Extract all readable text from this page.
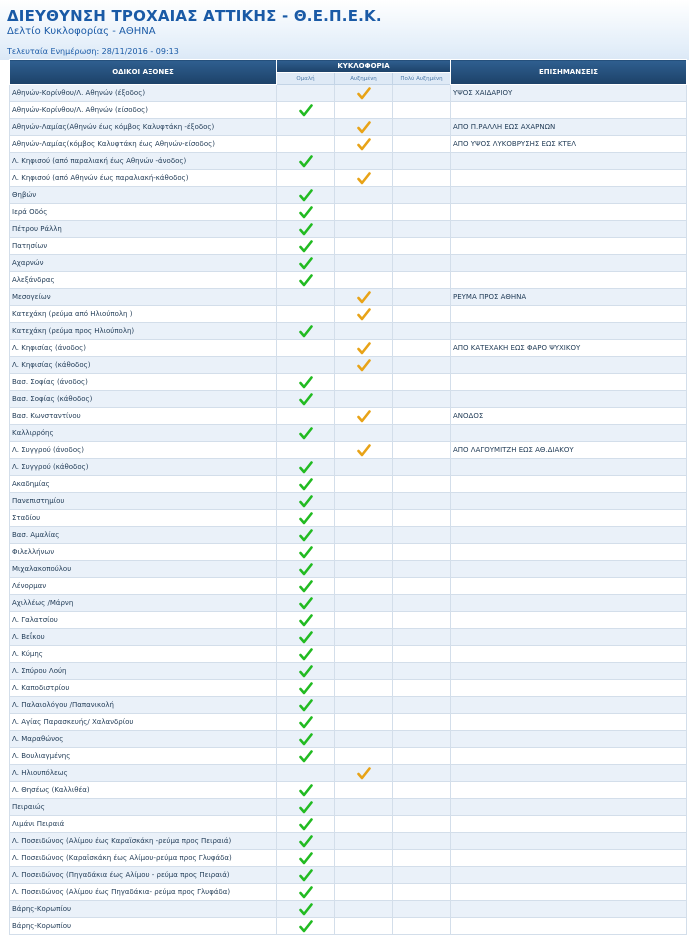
ΔΙΕΥΘΥΝΣΗ ΤΡΟΧΑΙΑΣ ΑΤΤΙΚΗΣ - Θ.Ε.Π.Ε.Κ.
Δελτίο Κυκλοφορίας - ΑΘΗΝΑ
Τελευταία Ενημέρωση: 28/11/2016 - 09:13
ΟΔΙΚΟΙ ΑΞΟΝΕΣ	ΚΥΚΛΟΦΟΡΙΑ			ΕΠΙΣΗΜΑΝΣΕΙΣ
	Ομαλή	Αυξημένη	Πολύ Αυξημένη	
Αθηνών-Κορίνθου/Λ. Αθηνών (έξοδος)				ΥΨΟΣ ΧΑΙΔΑΡΙΟΥ
Αθηνών-Κορίνθου/Λ. Αθηνών (είσοδος)	

Αθηνών-Λαμίας(Αθηνών έως κόμβος Καλυφτάκη -έξοδος)				ΑΠΟ Π.ΡΑΛΛΗ ΕΩΣ ΑΧΑΡΝΩΝ
Αθηνών-Λαμίας(κόμβος Καλυφτάκη έως Αθηνών-είσοδος)				ΑΠΟ ΥΨΟΣ ΛΥΚΟΒΡΥΣΗΣ ΕΩΣ ΚΤΕΛ
Λ. Κηφισού (από παραλιακή έως Αθηνών -άνοδος)	

Λ. Κηφισού (από Αθηνών έως παραλιακή-κάθοδος)		

Θηβών	

Ιερά Οδός	

Πέτρου Ράλλη	

Πατησίων	

Αχαρνών	

Αλεξάνδρας	

Μεσογείων				ΡΕΥΜΑ ΠΡΟΣ ΑΘΗΝΑ
Κατεχάκη (ρεύμα από Ηλιούπολη )		

Κατεχάκη (ρεύμα προς Ηλιούπολη)	

Λ. Κηφισίας (άνοδος)				ΑΠΟ ΚΑΤΕΧΑΚΗ ΕΩΣ ΦΑΡΟ ΨΥΧΙΚΟΥ
Λ. Κηφισίας (κάθοδος)		

Βασ. Σοφίας (άνοδος)	

Βασ. Σοφίας (κάθοδος)	

Βασ. Κωνσταντίνου				ΑΝΟΔΟΣ
Καλλιρρόης	

Λ. Συγγρού (άνοδος)				ΑΠΟ ΛΑΓΟΥΜΙΤΖΗ ΕΩΣ ΑΘ.ΔΙΑΚΟΥ
Λ. Συγγρού (κάθοδος)	

Ακαδημίας	

Πανεπιστημίου	

Σταδίου	

Βασ. Αμαλίας	

Φιλελλήνων	

Μιχαλακοπούλου	

Λένορμαν	

Αχιλλέως /Μάρνη	

Λ. Γαλατσίου	

Λ. Βεΐκου	

Λ. Κύμης	

Λ. Σπύρου Λούη	

Λ. Καποδιστρίου	

Λ. Παλαιολόγου /Παπανικολή	

Λ. Αγίας Παρασκευής/ Χαλανδρίου	

Λ. Μαραθώνος	

Λ. Βουλιαγμένης	

Λ. Ηλιουπόλεως		

Λ. Θησέως (Καλλιθέα)	

Πειραιώς	

Λιμάνι Πειραιά	

Λ. Ποσειδώνος (Αλίμου έως Καραϊσκάκη -ρεύμα προς Πειραιά)	

Λ. Ποσειδώνος (Καραϊσκάκη έως Αλίμου-ρεύμα προς Γλυφάδα)	

Λ. Ποσειδώνος (Πηγαδάκια έως Αλίμου - ρεύμα προς Πειραιά)	

Λ. Ποσειδώνος (Αλίμου έως Πηγαδάκια- ρεύμα προς Γλυφάδα)	

Βάρης-Κορωπίου	

Βάρης-Κορωπίου	
